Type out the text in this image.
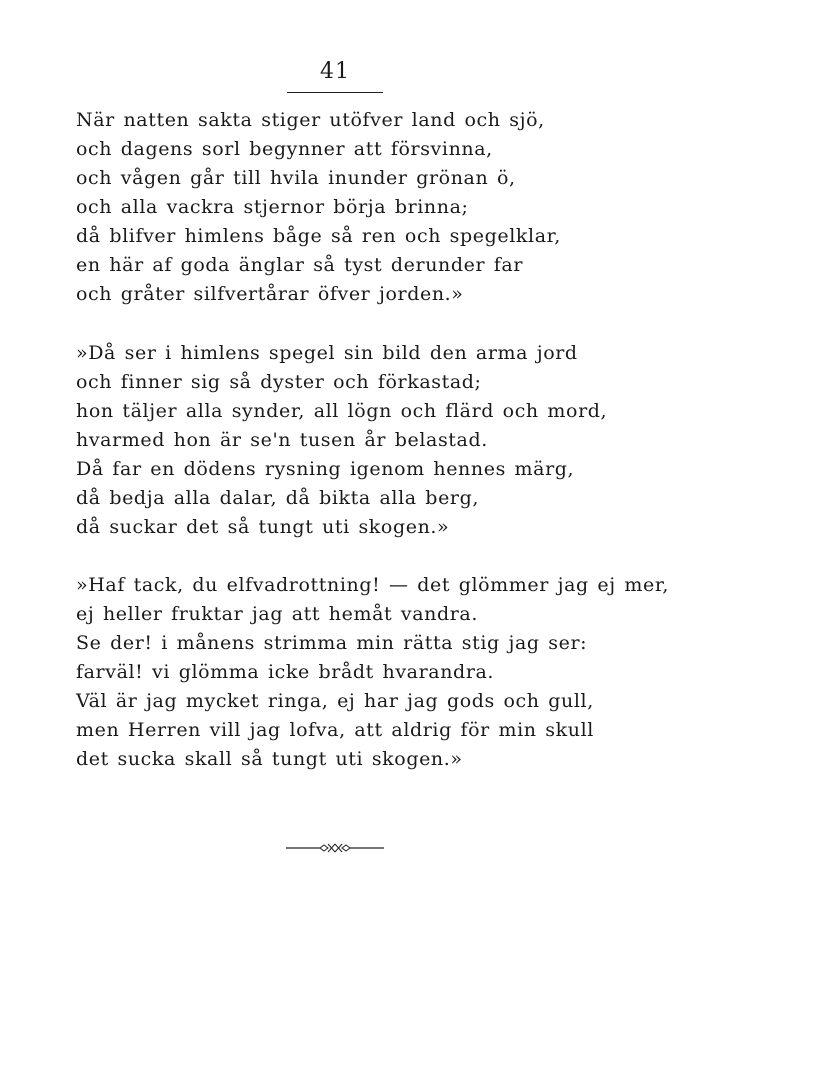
41
När natten sakta stiger utöfver land och sjö,
och dagens sorl begynner att försvinna,
och vågen går till hvila inunder grönan ö,
och alla vackra stjernor börja brinna;
då blifver himlens båge så ren och spegelklar,
en här af goda änglar så tyst derunder far
och gråter silfvertårar öfver jorden.»
»Då ser i himlens spegel sin bild den arma jord
och finner sig så dyster och förkastad;
hon täljer alla synder, all lögn och flärd och mord,
hvarmed hon är se'n tusen år belastad.
Då far en dödens rysning igenom hennes märg,
då bedja alla dalar, då bikta alla berg,
då suckar det så tungt uti skogen.»
»Haf tack, du elfvadrottning! — det glömmer jag ej mer,
ej heller fruktar jag att hemåt vandra.
Se der! i månens strimma min rätta stig jag ser:
farväl! vi glömma icke brådt hvarandra.
Väl är jag mycket ringa, ej har jag gods och gull,
men Herren vill jag lofva, att aldrig för min skull
det sucka skall så tungt uti skogen.»
